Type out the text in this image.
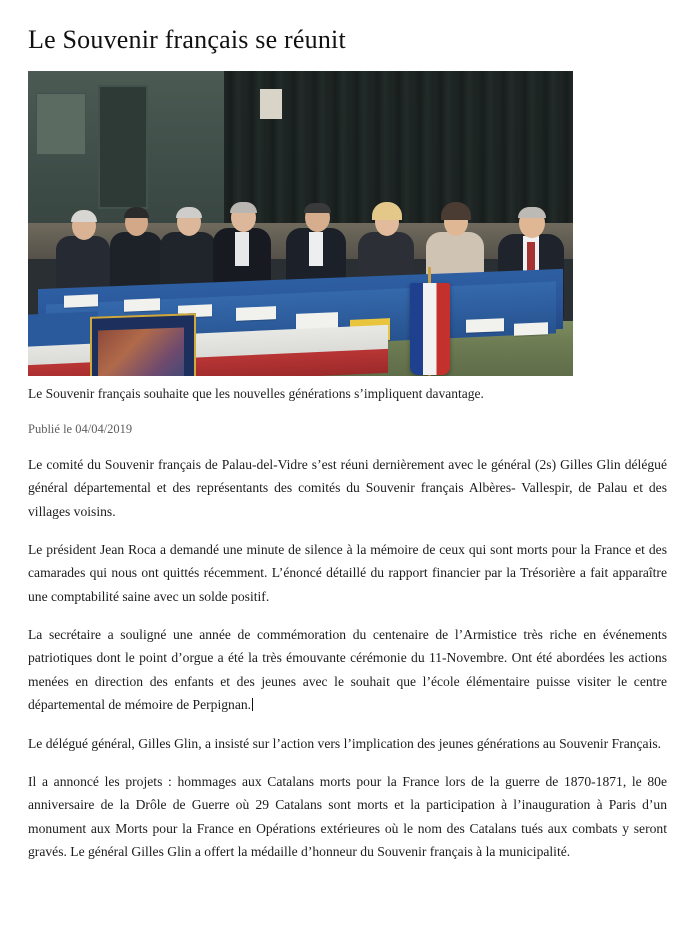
Le Souvenir français se réunit
Le Souvenir français souhaite que les nouvelles générations s’impliquent davantage.
Publié le 04/04/2019

Le comité du Souvenir français de Palau-del-Vidre s’est réuni dernièrement avec le général (2s) Gilles Glin délégué général départemental et des représentants des comités du Souvenir français Albères- Vallespir, de Palau et des villages voisins.

Le président Jean Roca a demandé une minute de silence à la mémoire de ceux qui sont morts pour la France et des camarades qui nous ont quittés récemment. L’énoncé détaillé du rapport financier par la Trésorière a fait apparaître une comptabilité saine avec un solde positif.

La secrétaire a souligné une année de commémoration du centenaire de l’Armistice très riche en événements patriotiques dont le point d’orgue a été la très émouvante cérémonie du 11-Novembre. Ont été abordées les actions menées en direction des enfants et des jeunes avec le souhait que l’école élémentaire puisse visiter le centre départemental de mémoire de Perpignan.

Le délégué général, Gilles Glin, a insisté sur l’action vers l’implication des jeunes générations au Souvenir Français.

Il a annoncé les projets : hommages aux Catalans morts pour la France lors de la guerre de 1870-1871, le 80e anniversaire de la Drôle de Guerre où 29 Catalans sont morts et la participation à l’inauguration à Paris d’un monument aux Morts pour la France en Opérations extérieures où le nom des Catalans tués aux combats y seront gravés. Le général Gilles Glin a offert la médaille d’honneur du Souvenir français à la municipalité.
